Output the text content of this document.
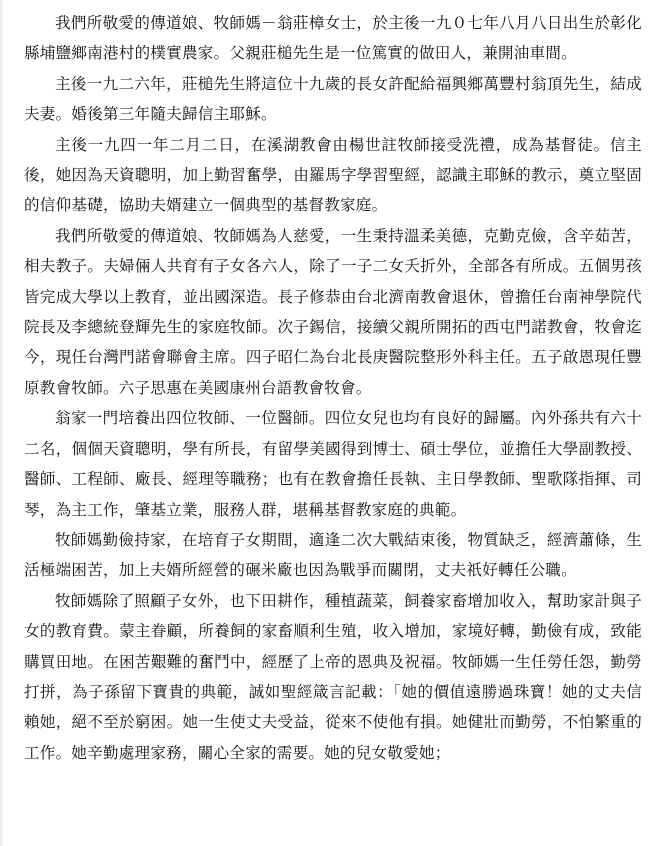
我們所敬愛的傳道娘、牧師媽－翁莊樟女士，於主後一九０七年八月八日出生於彰化縣埔鹽鄉南港村的樸實農家。父親莊槌先生是一位篤實的做田人，兼開油車間。

主後一九二六年，莊槌先生將這位十九歲的長女許配給福興鄉萬豐村翁頂先生，結成夫妻。婚後第三年隨夫歸信主耶穌。

主後一九四一年二月二日，在溪湖教會由楊世註牧師接受洗禮，成為基督徒。信主後，她因為天資聰明，加上勤習奮學，由羅馬字學習聖經，認識主耶穌的教示，奠立堅固的信仰基礎，協助夫婿建立一個典型的基督教家庭。

我們所敬愛的傳道娘、牧師媽為人慈愛，一生秉持溫柔美德，克勤克儉，含辛茹苦，相夫教子。夫婦倆人共育有子女各六人，除了一子二女夭折外，全部各有所成。五個男孩皆完成大學以上教育，並出國深造。長子修恭由台北濟南教會退休，曾擔任台南神學院代院長及李總統登輝先生的家庭牧師。次子錫信，接續父親所開拓的西屯門諾教會，牧會迄今，現任台灣門諾會聯會主席。四子昭仁為台北長庚醫院整形外科主任。五子啟恩現任豐原教會牧師。六子思惠在美國康州台語教會牧會。

翁家一門培養出四位牧師、一位醫師。四位女兒也均有良好的歸屬。內外孫共有六十二名，個個天資聰明，學有所長，有留學美國得到博士、碩士學位，並擔任大學副教授、醫師、工程師、廠長、經理等職務；也有在教會擔任長執、主日學教師、聖歌隊指揮、司琴，為主工作，肇基立業，服務人群，堪稱基督教家庭的典範。

牧師媽勤儉持家，在培育子女期間，適逢二次大戰結束後，物質缺乏，經濟蕭條，生活極端困苦，加上夫婿所經營的碾米廠也因為戰爭而關閉，丈夫祇好轉任公職。

牧師媽除了照顧子女外，也下田耕作，種植蔬菜，飼養家畜增加收入，幫助家計與子女的教育費。蒙主眷顧，所養飼的家畜順利生殖，收入增加，家境好轉，勤儉有成，致能購買田地。在困苦艱難的奮鬥中，經歷了上帝的恩典及祝福。牧師媽一生任勞任怨，勤勞打拼，為子孫留下寶貴的典範，誠如聖經箴言記載：「她的價值遠勝過珠寶！她的丈夫信賴她，絕不至於窮困。她一生使丈夫受益，從來不使他有損。她健壯而勤勞，不怕繁重的工作。她辛勤處理家務，關心全家的需要。她的兒女敬愛她；
